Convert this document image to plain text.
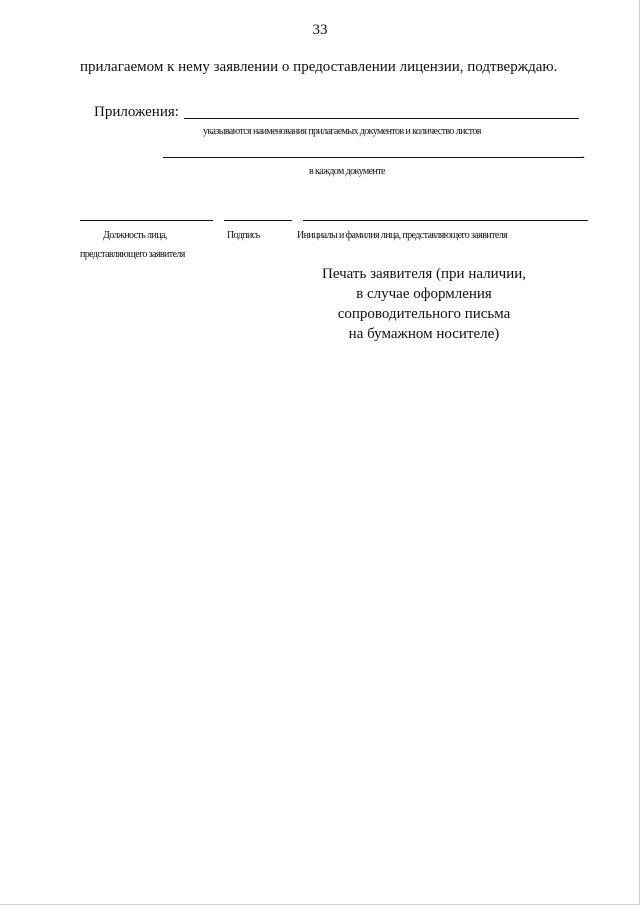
33
прилагаемом к нему заявлении о предоставлении лицензии, подтверждаю.
Приложения:
указываются наименования прилагаемых документов и количество листов
.
в каждом документе
Должность лица,
представляющего заявителя
Подпись	Инициалы и фамилия лица, представляющего заявителя
Печать заявителя (при наличии,
в случае оформления
сопроводительного письма
на бумажном носителе)
